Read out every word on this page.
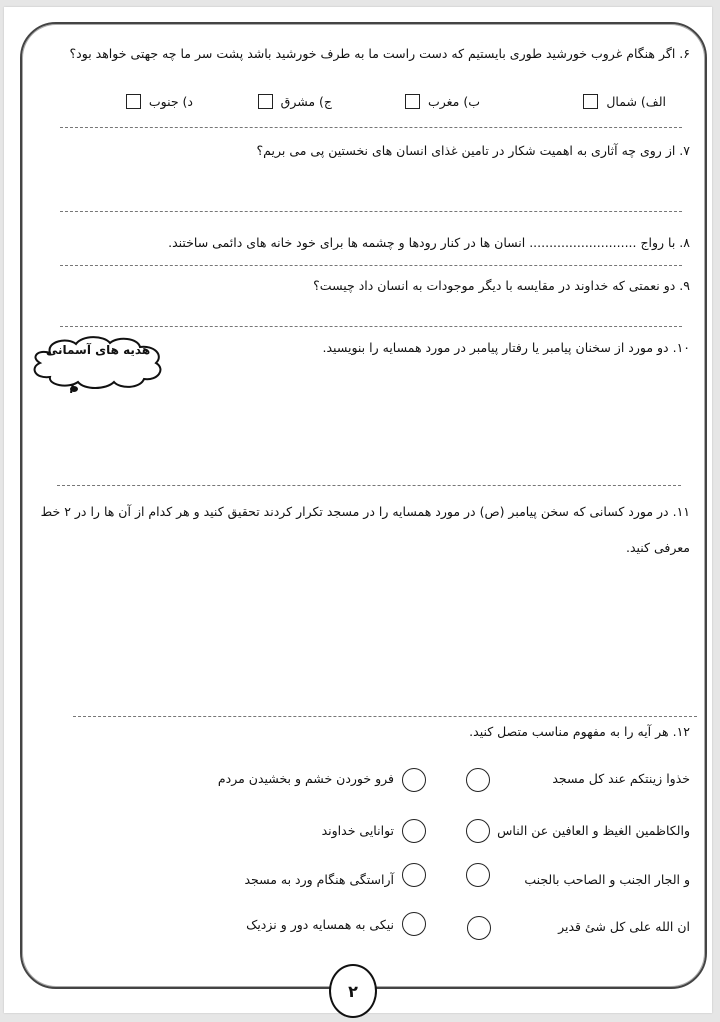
۶. اگر هنگام غروب خورشید طوری بایستیم که دست راست ما به طرف خورشید باشد پشت سر ما چه جهتی خواهد بود؟
الف) شمال
ب) مغرب
ج) مشرق
د) جنوب
۷. از روی چه آثاری به اهمیت شکار در تامین غذای انسان های نخستین پی می بریم؟
۸. با رواج ........................... انسان ها در کنار رودها و چشمه ها برای خود خانه های دائمی ساختند.
۹. دو نعمتی که خداوند در مقایسه با دیگر موجودات به انسان داد چیست؟
۱۰. دو مورد از سخنان پیامبر یا رفتار پیامبر در مورد همسایه را بنویسید.
هدیه های آسمانی
۱۱. در مورد کسانی که سخن پیامبر (ص) در مورد همسایه را در مسجد تکرار کردند تحقیق کنید و هر کدام از آن ها را در ۲ خط معرفی کنید.
۱۲. هر آیه را به مفهوم مناسب متصل کنید.
خذوا زینتکم عند کل مسجد
فرو خوردن خشم و بخشیدن مردم
والکاظمین الغیظ و العافین عن الناس
توانایی خداوند
و الجار الجنب و الصاحب بالجنب
آراستگی هنگام ورد به مسجد
ان الله علی کل شئ قدیر
نیکی به همسایه دور و نزدیک
۲
